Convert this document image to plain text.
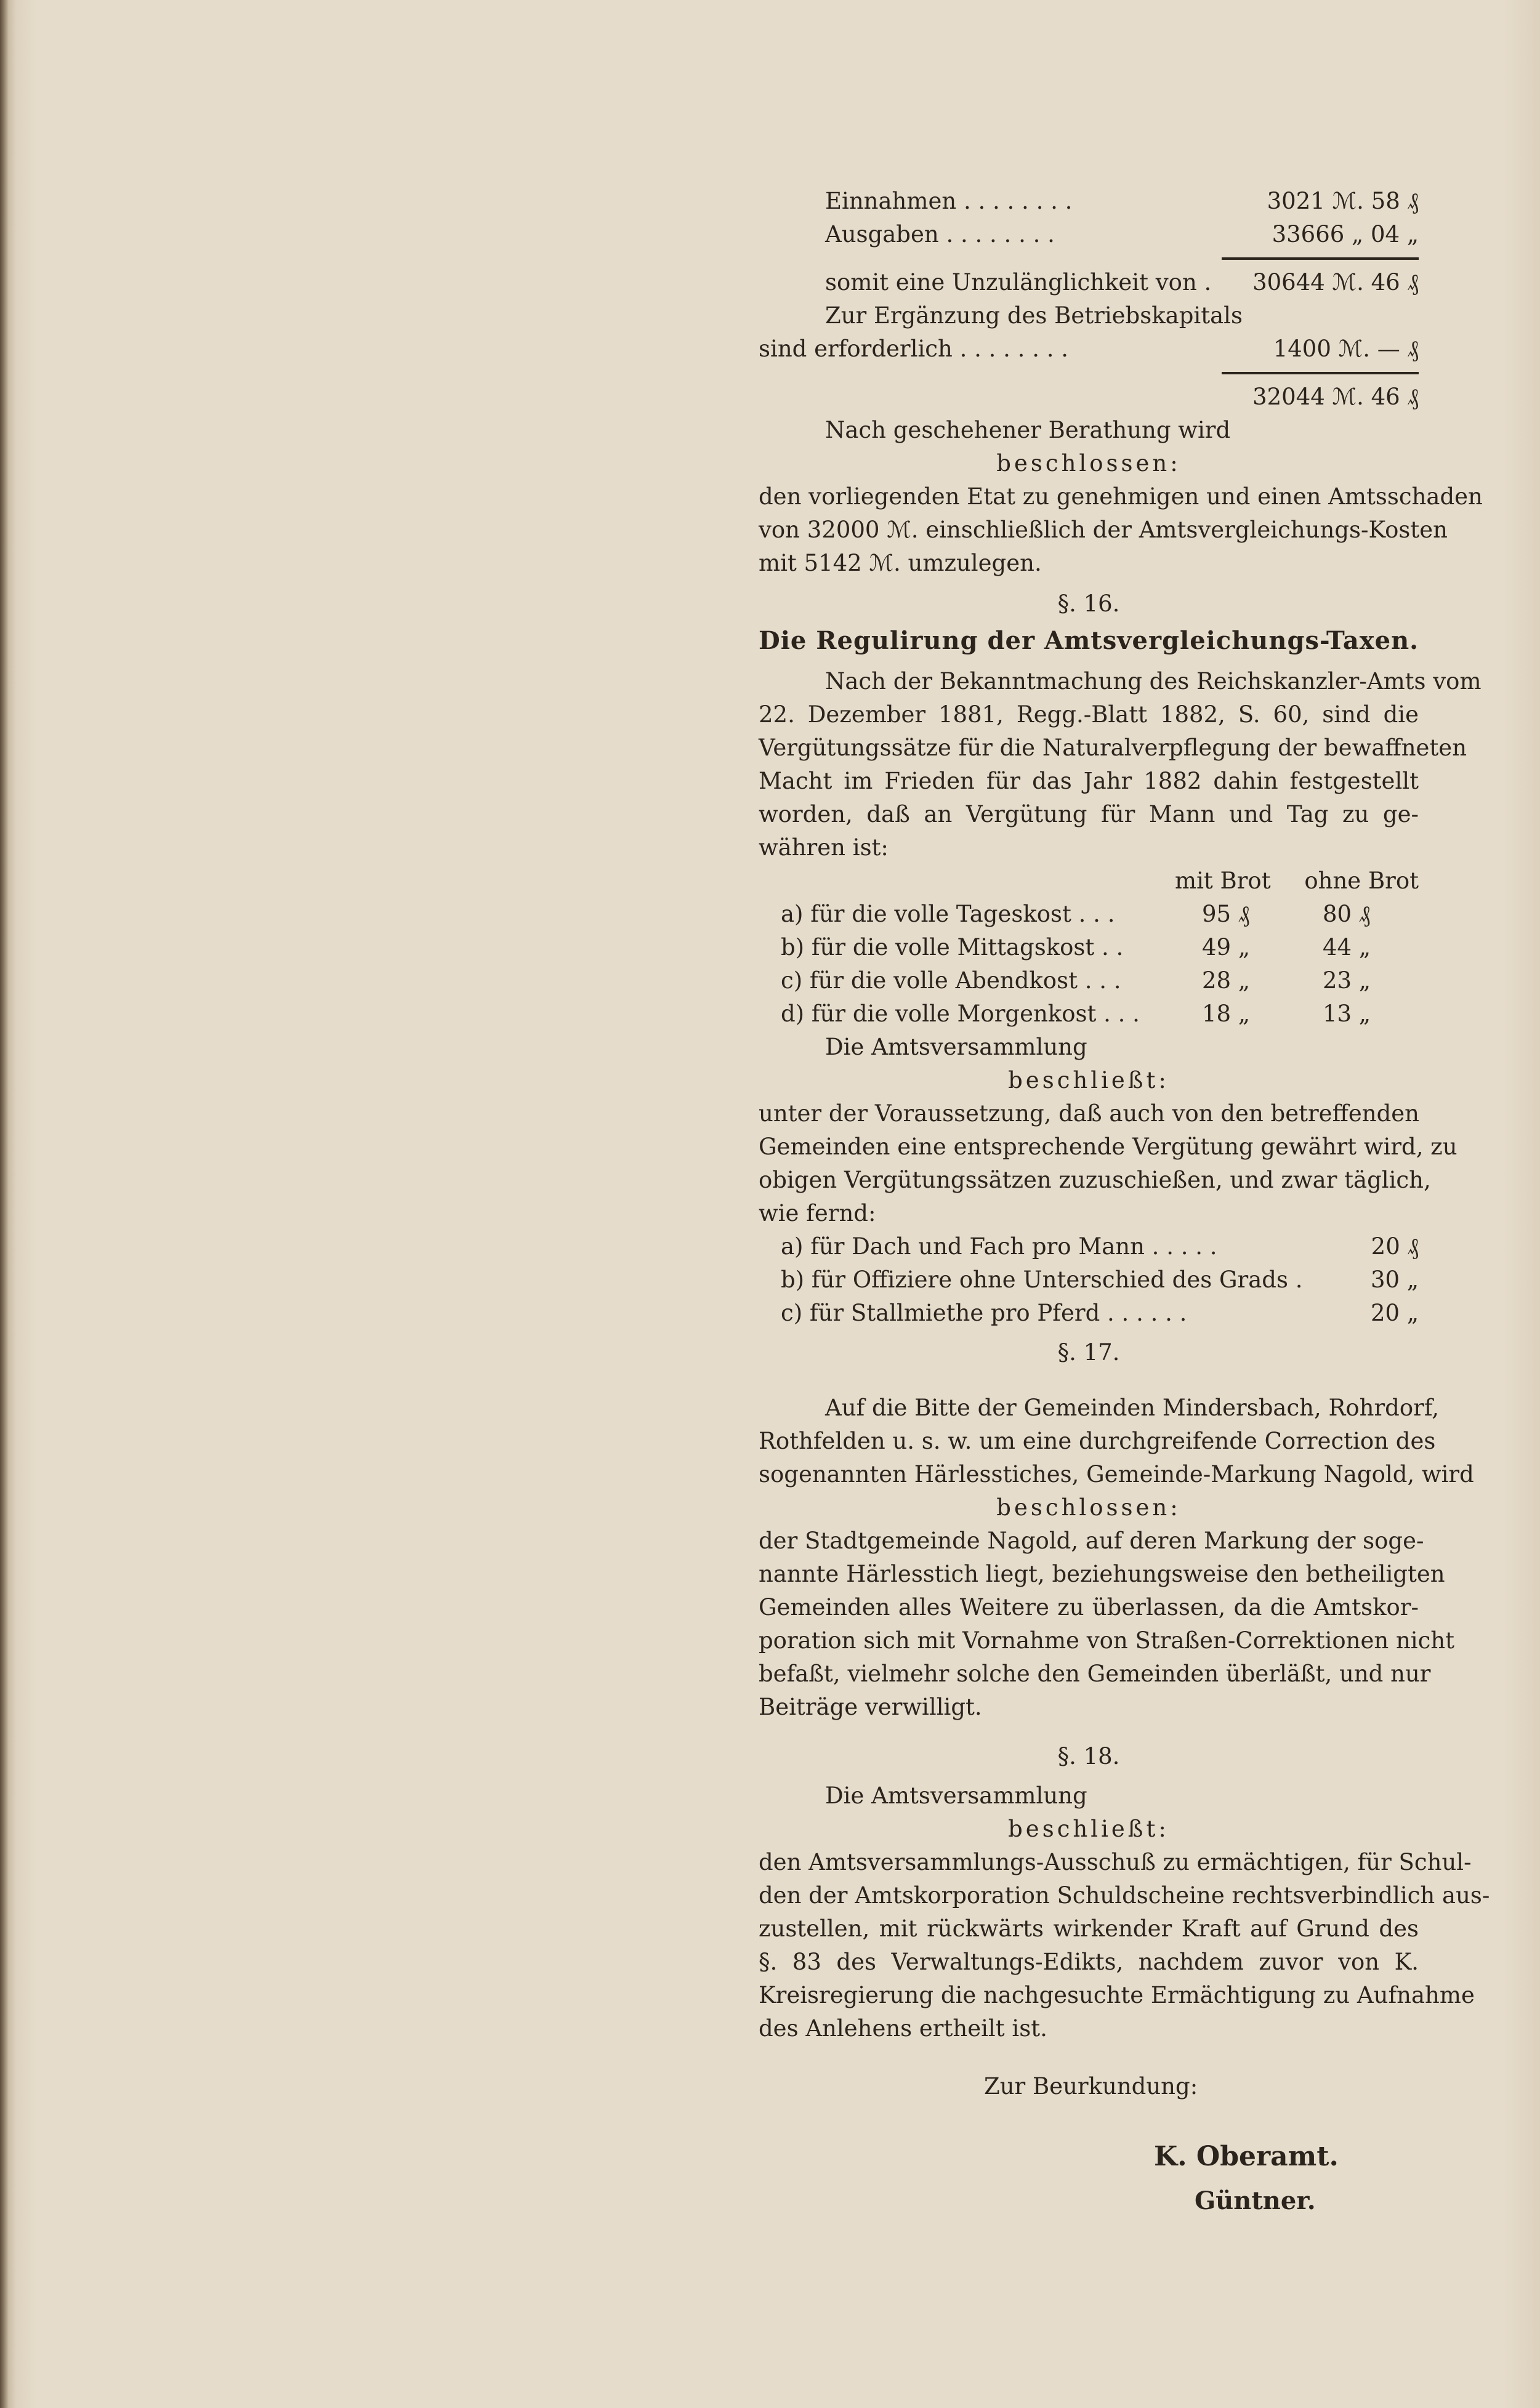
Einnahmen . . . . . . . .	3021 ℳ. 58 ₰
Ausgaben . . . . . . . .	33666 „ 04 „
somit eine Unzulänglichkeit von . 30644 ℳ. 46 ₰
Zur Ergänzung des Betriebskapitals
sind erforderlich . . . . . . . .	1400 ℳ. — ₰
32044 ℳ. 46 ₰
Nach geschehener Berathung wird
beschlossen:
den vorliegenden Etat zu genehmigen und einen Amtsschaden
von 32000 ℳ. einschließlich der Amtsvergleichungs-Kosten
mit 5142 ℳ. umzulegen.
§. 16.
Die Regulirung der Amtsvergleichungs-Taxen.
Nach der Bekanntmachung des Reichskanzler-Amts vom
22. Dezember 1881, Regg.-Blatt 1882, S. 60, sind die
Vergütungssätze für die Naturalverpflegung der bewaffneten
Macht im Frieden für das Jahr 1882 dahin festgestellt
worden, daß an Vergütung für Mann und Tag zu ge-
währen ist:
mit Brot ohne Brot
a) für die volle Tageskost . . .	95 ₰	80 ₰
b) für die volle Mittagskost . .	49 „	44 „
c) für die volle Abendkost . . .	28 „	23 „
d) für die volle Morgenkost . . .	18 „	13 „
Die Amtsversammlung
beschließt:
unter der Voraussetzung, daß auch von den betreffenden
Gemeinden eine entsprechende Vergütung gewährt wird, zu
obigen Vergütungssätzen zuzuschießen, und zwar täglich,
wie fernd:
a) für Dach und Fach pro Mann . . . . .	20 ₰
b) für Offiziere ohne Unterschied des Grads .	30 „
c) für Stallmiethe pro Pferd . . . . . .	20 „
§. 17.
Auf die Bitte der Gemeinden Mindersbach, Rohrdorf,
Rothfelden u. s. w. um eine durchgreifende Correction des
sogenannten Härlesstiches, Gemeinde-Markung Nagold, wird
beschlossen:
der Stadtgemeinde Nagold, auf deren Markung der soge-
nannte Härlesstich liegt, beziehungsweise den betheiligten
Gemeinden alles Weitere zu überlassen, da die Amtskor-
poration sich mit Vornahme von Straßen-Correktionen nicht
befaßt, vielmehr solche den Gemeinden überläßt, und nur
Beiträge verwilligt.
§. 18.
Die Amtsversammlung
beschließt:
den Amtsversammlungs-Ausschuß zu ermächtigen, für Schul-
den der Amtskorporation Schuldscheine rechtsverbindlich aus-
zustellen, mit rückwärts wirkender Kraft auf Grund des
§. 83 des Verwaltungs-Edikts, nachdem zuvor von K.
Kreisregierung die nachgesuchte Ermächtigung zu Aufnahme
des Anlehens ertheilt ist.
Zur Beurkundung:
K. Oberamt.
Güntner.
